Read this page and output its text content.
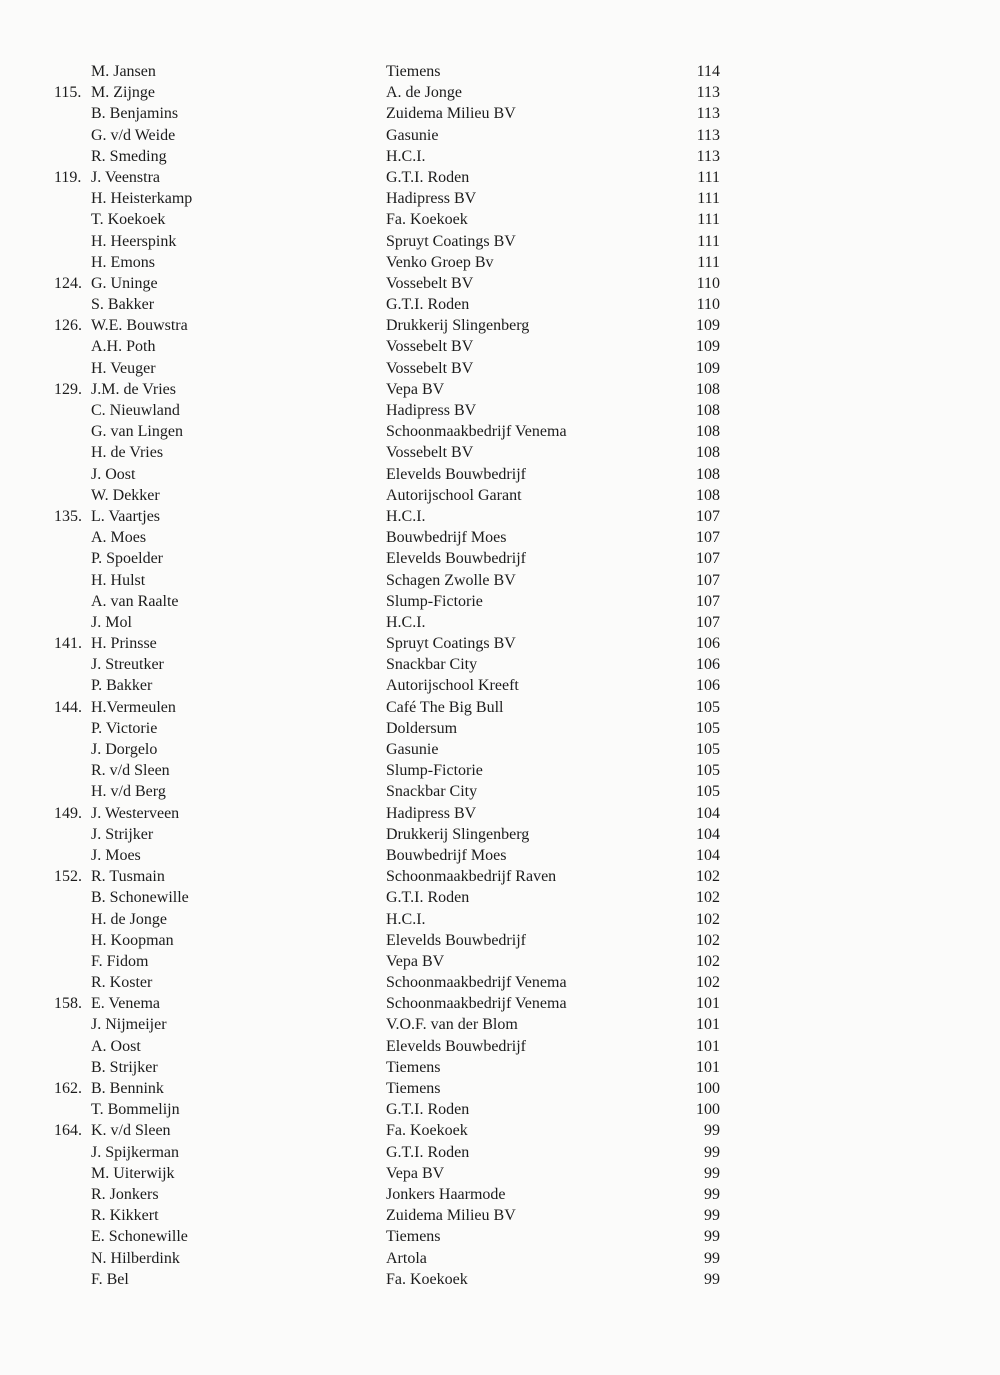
M. Jansen	Tiemens	114
115. M. Zijnge	A. de Jonge	113
B. Benjamins	Zuidema Milieu BV	113
G. v/d Weide	Gasunie	113
R. Smeding	H.C.I.	113
119. J. Veenstra	G.T.I. Roden	111
H. Heisterkamp	Hadipress BV	111
T. Koekoek	Fa. Koekoek	111
H. Heerspink	Spruyt Coatings BV	111
H. Emons	Venko Groep Bv	111
124. G. Uninge	Vossebelt BV	110
S. Bakker	G.T.I. Roden	110
126. W.E. Bouwstra	Drukkerij Slingenberg	109
A.H. Poth	Vossebelt BV	109
H. Veuger	Vossebelt BV	109
129. J.M. de Vries	Vepa BV	108
C. Nieuwland	Hadipress BV	108
G. van Lingen	Schoonmaakbedrijf Venema	108
H. de Vries	Vossebelt BV	108
J. Oost	Elevelds Bouwbedrijf	108
W. Dekker	Autorijschool Garant	108
135. L. Vaartjes	H.C.I.	107
A. Moes	Bouwbedrijf Moes	107
P. Spoelder	Elevelds Bouwbedrijf	107
H. Hulst	Schagen Zwolle BV	107
A. van Raalte	Slump-Fictorie	107
J. Mol	H.C.I.	107
141. H. Prinsse	Spruyt Coatings BV	106
J. Streutker	Snackbar City	106
P. Bakker	Autorijschool Kreeft	106
144. H.Vermeulen	Café The Big Bull	105
P. Victorie	Doldersum	105
J. Dorgelo	Gasunie	105
R. v/d Sleen	Slump-Fictorie	105
H. v/d Berg	Snackbar City	105
149. J. Westerveen	Hadipress BV	104
J. Strijker	Drukkerij Slingenberg	104
J. Moes	Bouwbedrijf Moes	104
152. R. Tusmain	Schoonmaakbedrijf Raven	102
B. Schonewille	G.T.I. Roden	102
H. de Jonge	H.C.I.	102
H. Koopman	Elevelds Bouwbedrijf	102
F. Fidom	Vepa BV	102
R. Koster	Schoonmaakbedrijf Venema	102
158. E. Venema	Schoonmaakbedrijf Venema	101
J. Nijmeijer	V.O.F. van der Blom	101
A. Oost	Elevelds Bouwbedrijf	101
B. Strijker	Tiemens	101
162. B. Bennink	Tiemens	100
T. Bommelijn	G.T.I. Roden	100
164. K. v/d Sleen	Fa. Koekoek	99
J. Spijkerman	G.T.I. Roden	99
M. Uiterwijk	Vepa BV	99
R. Jonkers	Jonkers Haarmode	99
R. Kikkert	Zuidema Milieu BV	99
E. Schonewille	Tiemens	99
N. Hilberdink	Artola	99
F. Bel	Fa. Koekoek	99
